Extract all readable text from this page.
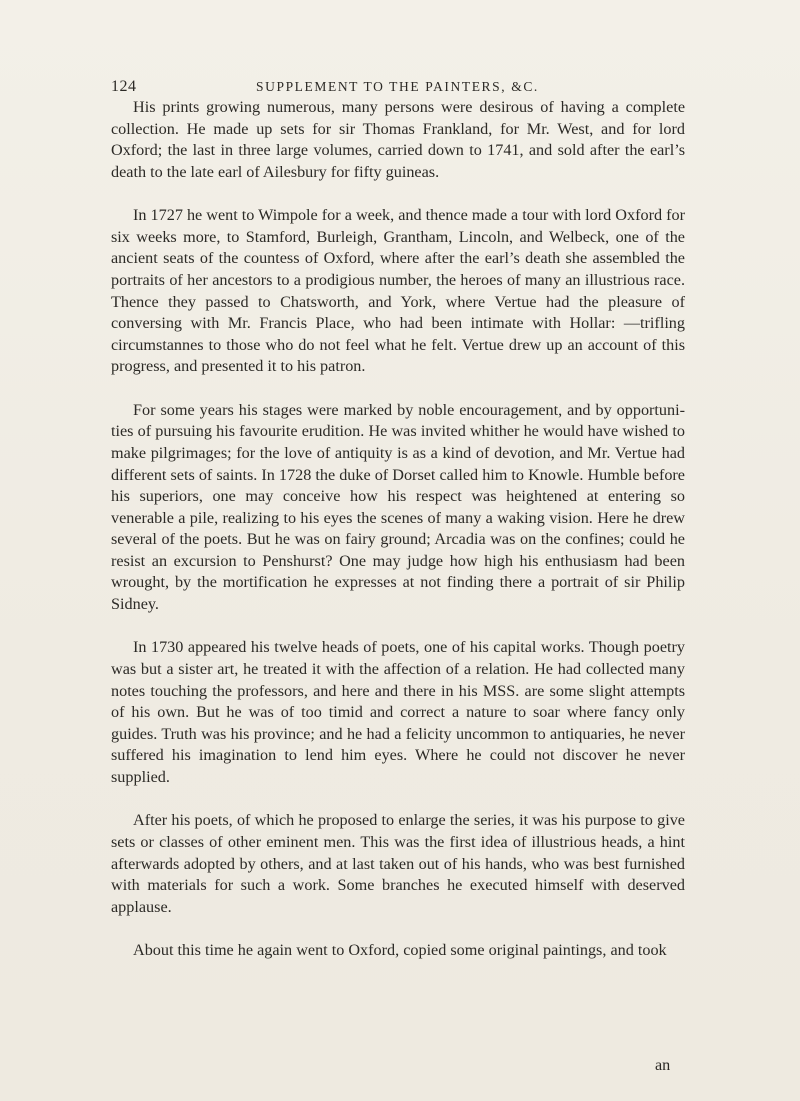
124	SUPPLEMENT TO THE PAINTERS, &C.

His prints growing numerous, many persons were desirous of having a complete collection. He made up sets for sir Thomas Frankland, for Mr. West, and for lord Oxford; the last in three large volumes, carried down to 1741, and sold after the earl’s death to the late earl of Ailesbury for fifty guineas.

In 1727 he went to Wimpole for a week, and thence made a tour with lord Oxford for six weeks more, to Stamford, Burleigh, Grantham, Lincoln, and Welbeck, one of the ancient seats of the countess of Oxford, where after the earl’s death she assembled the portraits of her ancestors to a prodigious number, the heroes of many an illustrious race. Thence they passed to Chatsworth, and York, where Vertue had the pleasure of conversing with Mr. Francis Place, who had been intimate with Hollar: —trifling circumstannes to those who do not feel what he felt. Vertue drew up an account of this progress, and presented it to his patron.

For some years his stages were marked by noble encouragement, and by opportunities of pursuing his favourite erudition. He was invited whither he would have wished to make pilgrimages; for the love of antiquity is as a kind of devotion, and Mr. Vertue had different sets of saints. In 1728 the duke of Dorset called him to Knowle. Humble before his superiors, one may conceive how his respect was heightened at entering so venerable a pile, realizing to his eyes the scenes of many a waking vision. Here he drew several of the poets. But he was on fairy ground; Arcadia was on the confines; could he resist an excursion to Penshurst? One may judge how high his enthusiasm had been wrought, by the mortification he expresses at not finding there a portrait of sir Philip Sidney.

In 1730 appeared his twelve heads of poets, one of his capital works. Though poetry was but a sister art, he treated it with the affection of a relation. He had collected many notes touching the professors, and here and there in his MSS. are some slight attempts of his own. But he was of too timid and correct a nature to soar where fancy only guides. Truth was his province; and he had a felicity uncommon to antiquaries, he never suffered his imagination to lend him eyes. Where he could not discover he never supplied.

After his poets, of which he proposed to enlarge the series, it was his purpose to give sets or classes of other eminent men. This was the first idea of illustrious heads, a hint afterwards adopted by others, and at last taken out of his hands, who was best furnished with materials for such a work. Some branches he executed himself with deserved applause.

About this time he again went to Oxford, copied some original paintings, and took

an
